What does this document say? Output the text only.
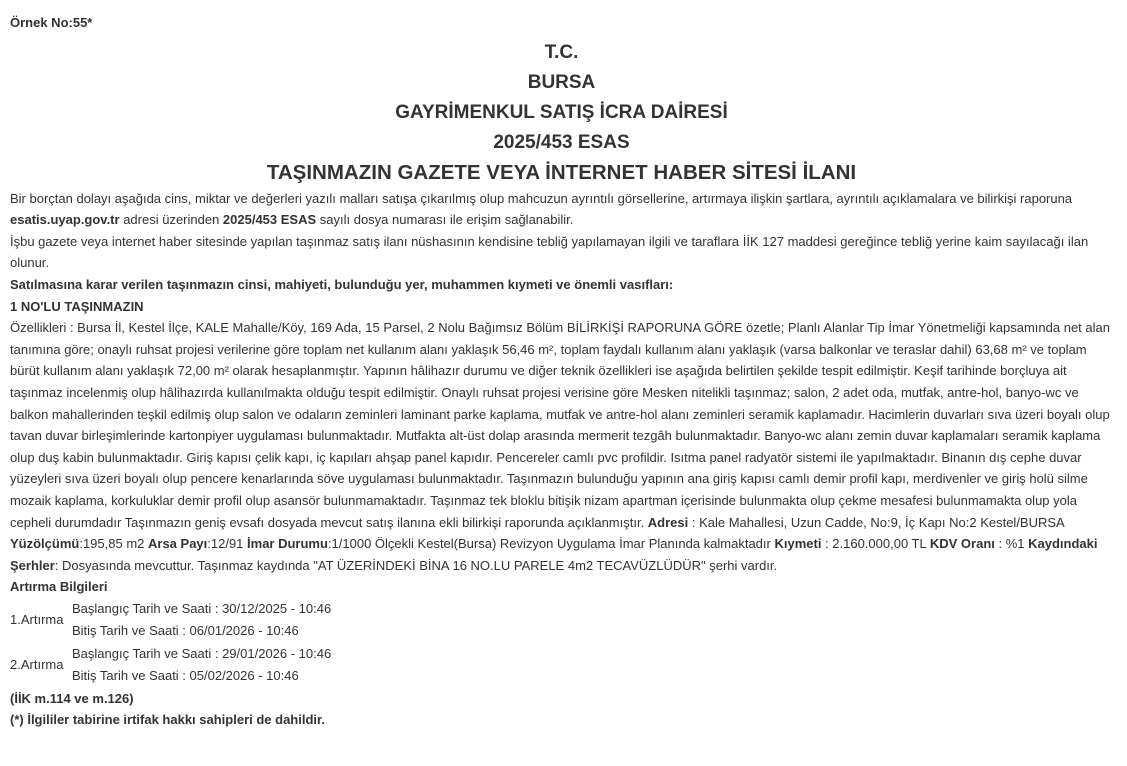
Örnek No:55*
T.C.
BURSA
GAYRİMENKUL SATIŞ İCRA DAİRESİ
2025/453 ESAS
TAŞINMAZIN GAZETE VEYA İNTERNET HABER SİTESİ İLANI

Bir borçtan dolayı aşağıda cins, miktar ve değerleri yazılı malları satışa çıkarılmış olup mahcuzun ayrıntılı görsellerine, artırmaya ilişkin şartlara, ayrıntılı açıklamalara ve bilirkişi raporuna esatis.uyap.gov.tr adresi üzerinden 2025/453 ESAS sayılı dosya numarası ile erişim sağlanabilir.

İşbu gazete veya internet haber sitesinde yapılan taşınmaz satış ilanı nüshasının kendisine tebliğ yapılamayan ilgili ve taraflara İİK 127 maddesi gereğince tebliğ yerine kaim sayılacağı ilan olunur.

Satılmasına karar verilen taşınmazın cinsi, mahiyeti, bulunduğu yer, muhammen kıymeti ve önemli vasıfları:

1 NO'LU TAŞINMAZIN

Özellikleri : Bursa İl, Kestel İlçe, KALE Mahalle/Köy, 169 Ada, 15 Parsel, 2 Nolu Bağımsız Bölüm BİLİRKİŞİ RAPORUNA GÖRE özetle; Planlı Alanlar Tip İmar Yönetmeliği kapsamında net alan tanımına göre; onaylı ruhsat projesi verilerine göre toplam net kullanım alanı yaklaşık 56,46 m², toplam faydalı kullanım alanı yaklaşık (varsa balkonlar ve teraslar dahil) 63,68 m² ve toplam bürüt kullanım alanı yaklaşık 72,00 m² olarak hesaplanmıştır. Yapının hâlihazır durumu ve diğer teknik özellikleri ise aşağıda belirtilen şekilde tespit edilmiştir. Keşif tarihinde borçluya ait taşınmaz incelenmiş olup hâlihazırda kullanılmakta olduğu tespit edilmiştir. Onaylı ruhsat projesi verisine göre Mesken nitelikli taşınmaz; salon, 2 adet oda, mutfak, antre-hol, banyo-wc ve balkon mahallerinden teşkil edilmiş olup salon ve odaların zeminleri laminant parke kaplama, mutfak ve antre-hol alanı zeminleri seramik kaplamadır. Hacimlerin duvarları sıva üzeri boyalı olup tavan duvar birleşimlerinde kartonpiyer uygulaması bulunmaktadır. Mutfakta alt-üst dolap arasında mermerit tezgâh bulunmaktadır. Banyo-wc alanı zemin duvar kaplamaları seramik kaplama olup duş kabin bulunmaktadır. Giriş kapısı çelik kapı, iç kapıları ahşap panel kapıdır. Pencereler camlı pvc profildir. Isıtma panel radyatör sistemi ile yapılmaktadır. Binanın dış cephe duvar yüzeyleri sıva üzeri boyalı olup pencere kenarlarında söve uygulaması bulunmaktadır. Taşınmazın bulunduğu yapının ana giriş kapısı camlı demir profil kapı, merdivenler ve giriş holü silme mozaik kaplama, korkuluklar demir profil olup asansör bulunmamaktadır. Taşınmaz tek bloklu bitişik nizam apartman içerisinde bulunmakta olup çekme mesafesi bulunmamakta olup yola cepheli durumdadır Taşınmazın geniş evsafı dosyada mevcut satış ilanına ekli bilirkişi raporunda açıklanmıştır. Adresi : Kale Mahallesi, Uzun Cadde, No:9, İç Kapı No:2 Kestel/BURSA Yüzölçümü:195,85 m2 Arsa Payı:12/91 İmar Durumu:1/1000 Ölçekli Kestel(Bursa) Revizyon Uygulama İmar Planında kalmaktadır Kıymeti : 2.160.000,00 TL KDV Oranı : %1 Kaydındaki Şerhler: Dosyasında mevcuttur. Taşınmaz kaydında "AT ÜZERİNDEKİ BİNA 16 NO.LU PARELE 4m2 TECAVÜZLÜDÜR" şerhi vardır.

Artırma Bilgileri

1.Artırma
Başlangıç Tarih ve Saati : 30/12/2025 - 10:46
Bitiş Tarih ve Saati : 06/01/2026 - 10:46
2.Artırma
Başlangıç Tarih ve Saati : 29/01/2026 - 10:46
Bitiş Tarih ve Saati : 05/02/2026 - 10:46

(İİK m.114 ve m.126)

(*) İlgililer tabirine irtifak hakkı sahipleri de dahildir.
